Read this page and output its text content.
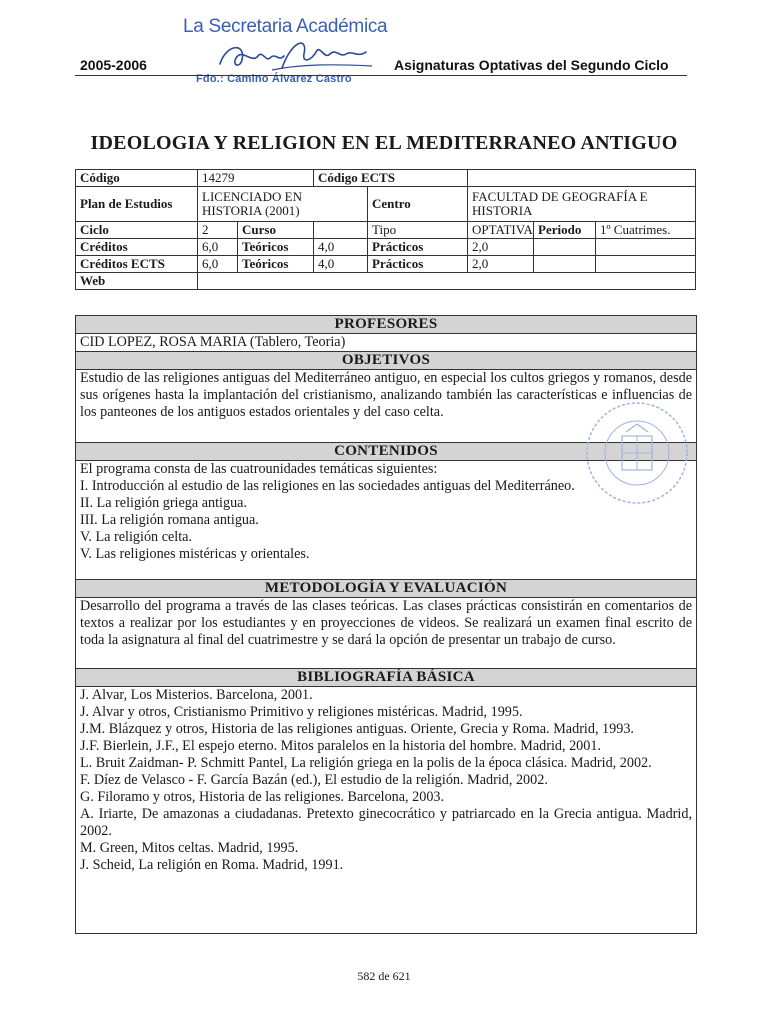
La Secretaria Académica
Fdo.: Camino Álvarez Castro
2005-2006	Asignaturas Optativas del Segundo Ciclo
IDEOLOGIA Y RELIGION EN EL MEDITERRANEO ANTIGUO
Código	14279		Código ECTS				
Plan de Estudios	LICENCIADO EN HISTORIA (2001)			Centro	FACULTAD DE GEOGRAFÍA E HISTORIA		
Ciclo	2	Curso		Tipo	OPTATIVA	Periodo	1º Cuatrimes.
Créditos	6,0	Teóricos	4,0	Prácticos	2,0		
Créditos ECTS	6,0	Teóricos	4,0	Prácticos	2,0		
Web							
PROFESORES
CID LOPEZ, ROSA MARIA (Tablero, Teoria)
OBJETIVOS
Estudio de las religiones antiguas del Mediterráneo antiguo, en especial los cultos griegos y romanos, desde sus orígenes hasta la implantación del cristianismo, analizando también las características e influencias de los panteones de los antiguos estados orientales y del caso celta.
CONTENIDOS
El programa consta de las cuatrounidades temáticas siguientes:
I. Introducción al estudio de las religiones en las sociedades antiguas del Mediterráneo.
II. La religión griega antigua.
III. La religión romana antigua.
V. La religión celta.
V. Las religiones mistéricas y orientales.
METODOLOGÍA Y EVALUACIÓN
Desarrollo del programa a través de las clases teóricas. Las clases prácticas consistirán en comentarios de textos a realizar por los estudiantes y en proyecciones de videos. Se realizará un examen final escrito de toda la asignatura al final del cuatrimestre y se dará la opción de presentar un trabajo de curso.
BIBLIOGRAFÍA BÁSICA
J. Alvar, Los Misterios. Barcelona, 2001.
J. Alvar y otros, Cristianismo Primitivo y religiones mistéricas. Madrid, 1995.
J.M. Blázquez y otros, Historia de las religiones antiguas. Oriente, Grecia y Roma. Madrid, 1993.
J.F. Bierlein, J.F., El espejo eterno. Mitos paralelos en la historia del hombre. Madrid, 2001.
L. Bruit Zaidman- P. Schmitt Pantel, La religión griega en la polis de la época clásica. Madrid, 2002.
F. Díez de Velasco - F. García Bazán (ed.), El estudio de la religión. Madrid, 2002.
G. Filoramo y otros, Historia de las religiones. Barcelona, 2003.
A. Iriarte, De amazonas a ciudadanas. Pretexto ginecocrático y patriarcado en la Grecia antigua. Madrid, 2002.
M. Green, Mitos celtas. Madrid, 1995.
J. Scheid, La religión en Roma. Madrid, 1991.
582 de 621
